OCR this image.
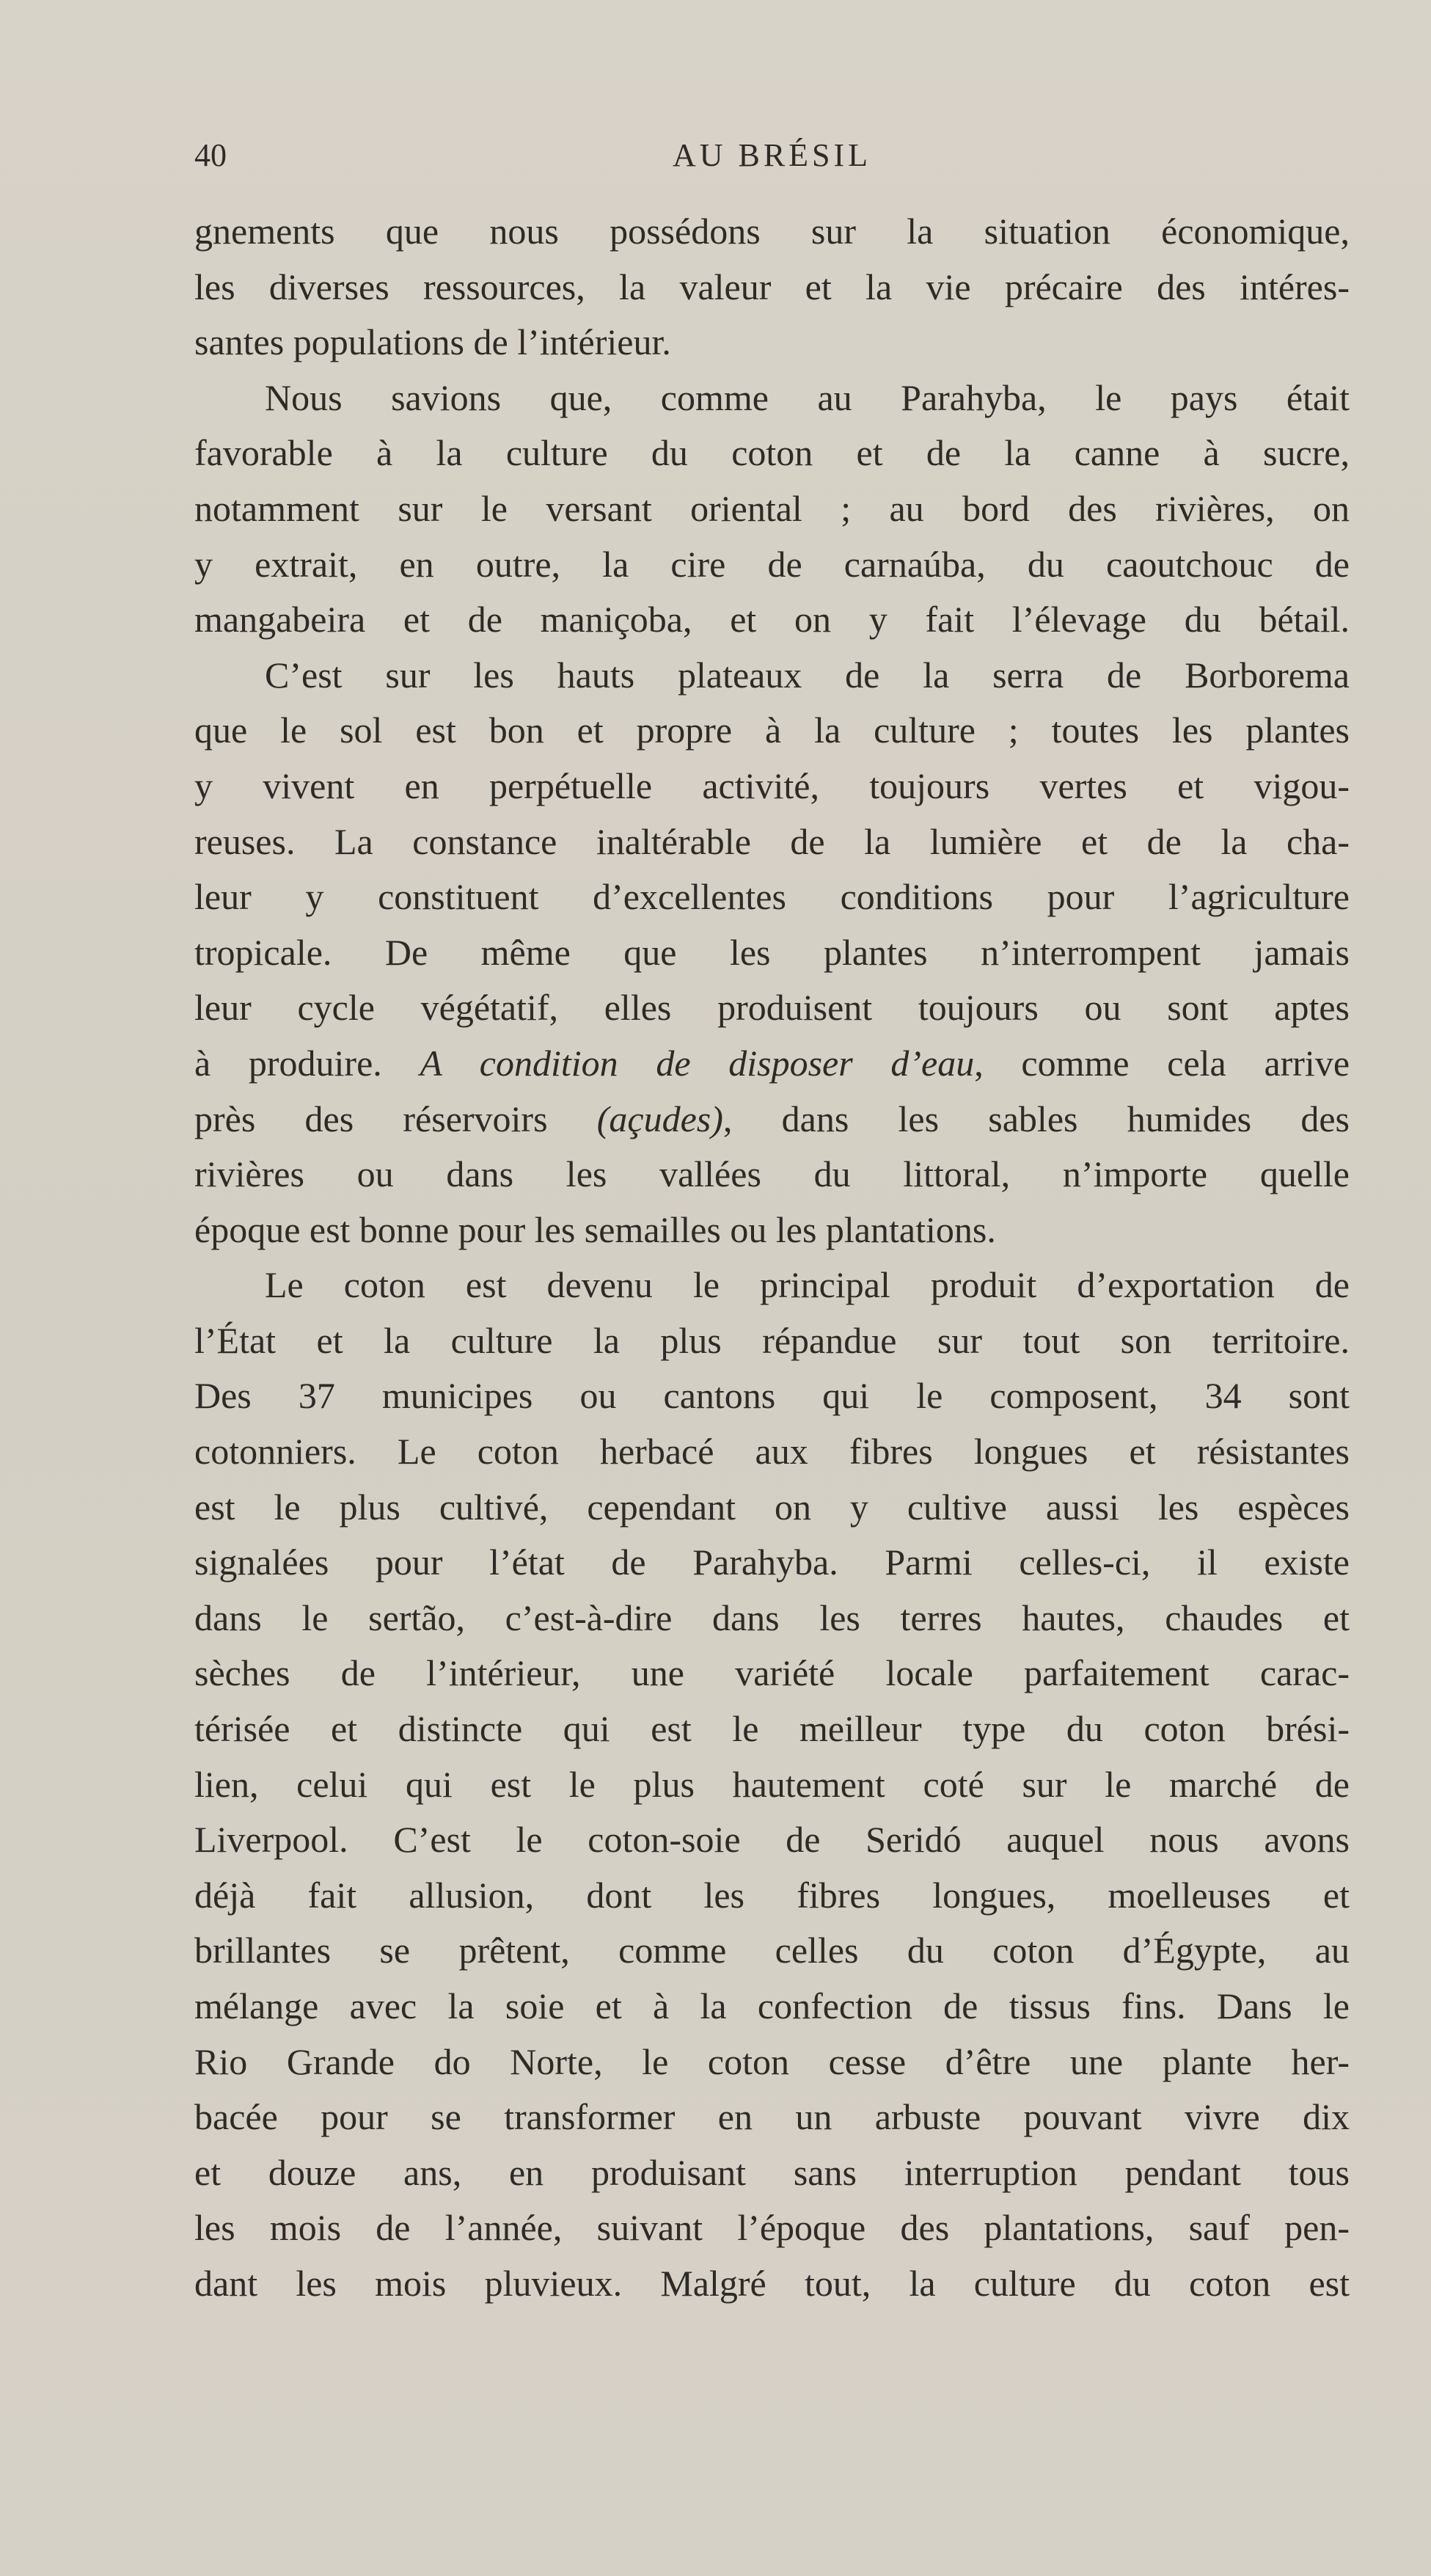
40	AU BRÉSIL
gnements que nous possédons sur la situation économique,
les diverses ressources, la valeur et la vie précaire des intéres-
santes populations de l’intérieur.
Nous savions que, comme au Parahyba, le pays était
favorable à la culture du coton et de la canne à sucre,
notamment sur le versant oriental ; au bord des rivières, on
y extrait, en outre, la cire de carnaúba, du caoutchouc de
mangabeira et de maniçoba, et on y fait l’élevage du bétail.
C’est sur les hauts plateaux de la serra de Borborema
que le sol est bon et propre à la culture ; toutes les plantes
y vivent en perpétuelle activité, toujours vertes et vigou-
reuses. La constance inaltérable de la lumière et de la cha-
leur y constituent d’excellentes conditions pour l’agriculture
tropicale. De même que les plantes n’interrompent jamais
leur cycle végétatif, elles produisent toujours ou sont aptes
à produire. A condition de disposer d’eau, comme cela arrive
près des réservoirs (açudes), dans les sables humides des
rivières ou dans les vallées du littoral, n’importe quelle
époque est bonne pour les semailles ou les plantations.
Le coton est devenu le principal produit d’exportation de
l’État et la culture la plus répandue sur tout son territoire.
Des 37 municipes ou cantons qui le composent, 34 sont
cotonniers. Le coton herbacé aux fibres longues et résistantes
est le plus cultivé, cependant on y cultive aussi les espèces
signalées pour l’état de Parahyba. Parmi celles-ci, il existe
dans le sertão, c’est-à-dire dans les terres hautes, chaudes et
sèches de l’intérieur, une variété locale parfaitement carac-
térisée et distincte qui est le meilleur type du coton brési-
lien, celui qui est le plus hautement coté sur le marché de
Liverpool. C’est le coton-soie de Seridó auquel nous avons
déjà fait allusion, dont les fibres longues, moelleuses et
brillantes se prêtent, comme celles du coton d’Égypte, au
mélange avec la soie et à la confection de tissus fins. Dans le
Rio Grande do Norte, le coton cesse d’être une plante her-
bacée pour se transformer en un arbuste pouvant vivre dix
et douze ans, en produisant sans interruption pendant tous
les mois de l’année, suivant l’époque des plantations, sauf pen-
dant les mois pluvieux. Malgré tout, la culture du coton est
